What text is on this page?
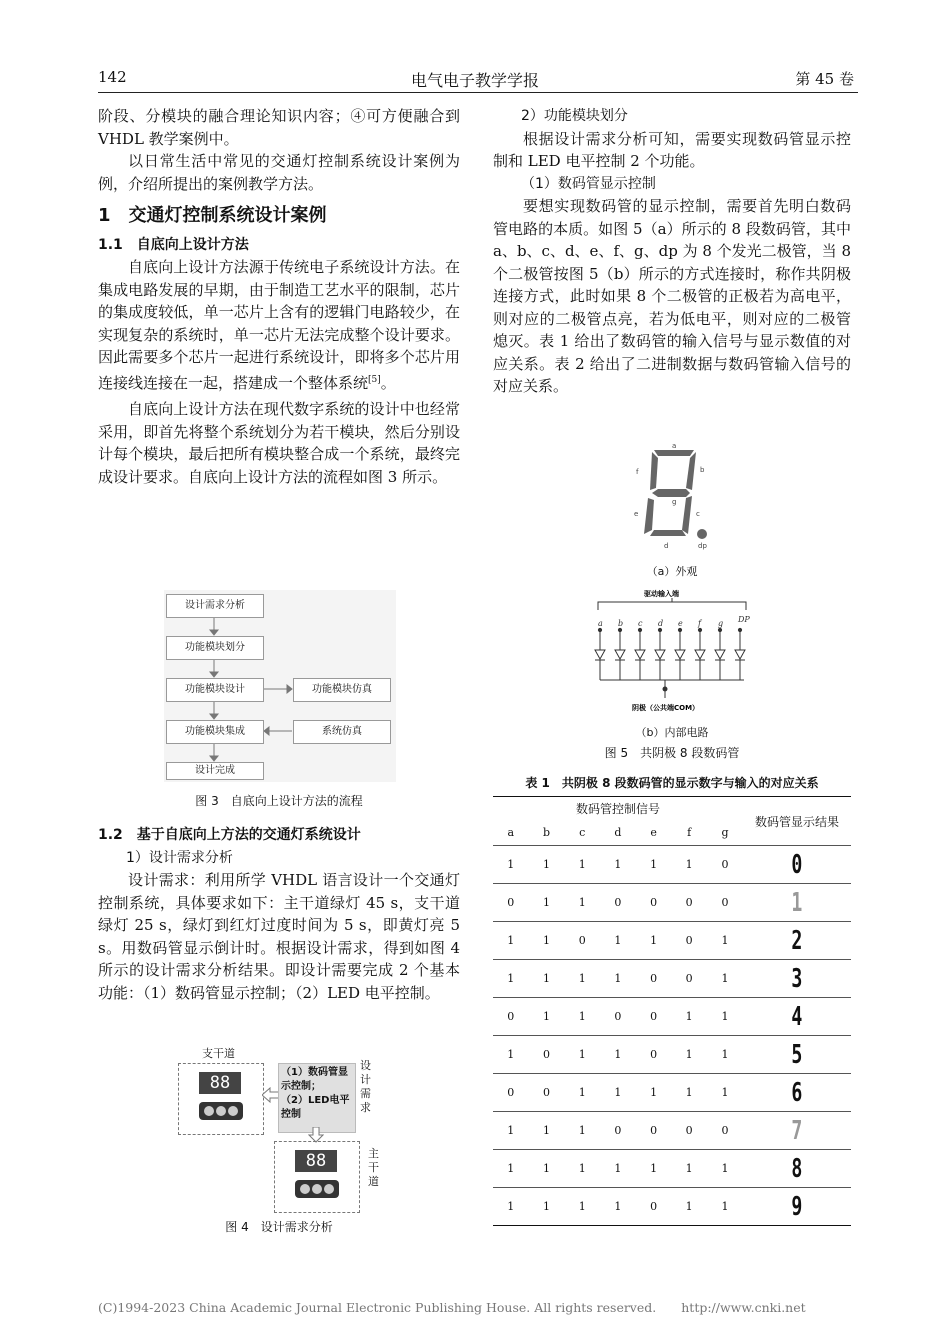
142	电气电子教学学报	第 45 卷

阶段、分模块的融合理论知识内容；④可方便融合到 VHDL 教学案例中。

以日常生活中常见的交通灯控制系统设计案例为例，介绍所提出的案例教学方法。

1　交通灯控制系统设计案例
1.1　自底向上设计方法

自底向上设计方法源于传统电子系统设计方法。在集成电路发展的早期，由于制造工艺水平的限制，芯片的集成度较低，单一芯片上含有的逻辑门电路较少，在实现复杂的系统时，单一芯片无法完成整个设计要求。因此需要多个芯片一起进行系统设计，即将多个芯片用连接线连接在一起，搭建成一个整体系统[5]。

自底向上设计方法在现代数字系统的设计中也经常采用，即首先将整个系统划分为若干模块，然后分别设计每个模块，最后把所有模块整合成一个系统，最终完成设计要求。自底向上设计方法的流程如图 3 所示。

设计需求分析
功能模块划分
功能模块设计	功能模块仿真
功能模块集成	系统仿真
设计完成
图 3　自底向上设计方法的流程
1.2　基于自底向上方法的交通灯系统设计

1）设计需求分析

设计需求：利用所学 VHDL 语言设计一个交通灯控制系统，具体要求如下：主干道绿灯 45 s，支干道绿灯 25 s，绿灯到红灯过度时间为 5 s，即黄灯亮 5 s。用数码管显示倒计时。根据设计需求，得到如图 4 所示的设计需求分析结果。即设计需要完成 2 个基本功能：（1）数码管显示控制；（2）LED 电平控制。

支干道
88
（1）数码管显示控制；
（2）LED电平控制
设计需求
88	主干道
图 4　设计需求分析

2）功能模块划分

根据设计需求分析可知，需要实现数码管显示控制和 LED 电平控制 2 个功能。

（1）数码管显示控制

要想实现数码管的显示控制，需要首先明白数码管电路的本质。如图 5（a）所示的 8 段数码管，其中 a、b、c、d、e、f、g、dp 为 8 个发光二极管，当 8 个二极管按图 5（b）所示的方式连接时，称作共阴极连接方式，此时如果 8 个二极管的正极若为高电平，则对应的二极管点亮，若为低电平，则对应的二极管熄灭。表 1 给出了数码管的输入信号与显示数值的对应关系。表 2 给出了二进制数据与数码管输入信号的对应关系。

a
b
c
d
e
f
g
dp
（a）外观
驱动输入端
a b c d e f g DP
阴极（公共端COM）
（b）内部电路
图 5　共阴极 8 段数码管
表 1　共阴极 8 段数码管的显示数字与输入的对应关系
数码管控制信号							数码管显示结果
a	b	c	d	e	f	g	
1	1	1	1	1	1	0	0
0	1	1	0	0	0	0	1
1	1	0	1	1	0	1	2
1	1	1	1	0	0	1	3
0	1	1	0	0	1	1	4
1	0	1	1	0	1	1	5
0	0	1	1	1	1	1	6
1	1	1	0	0	0	0	7
1	1	1	1	1	1	1	8
1	1	1	1	0	1	1	9
(C)1994-2023 China Academic Journal Electronic Publishing House. All rights reserved.　　http://www.cnki.net
